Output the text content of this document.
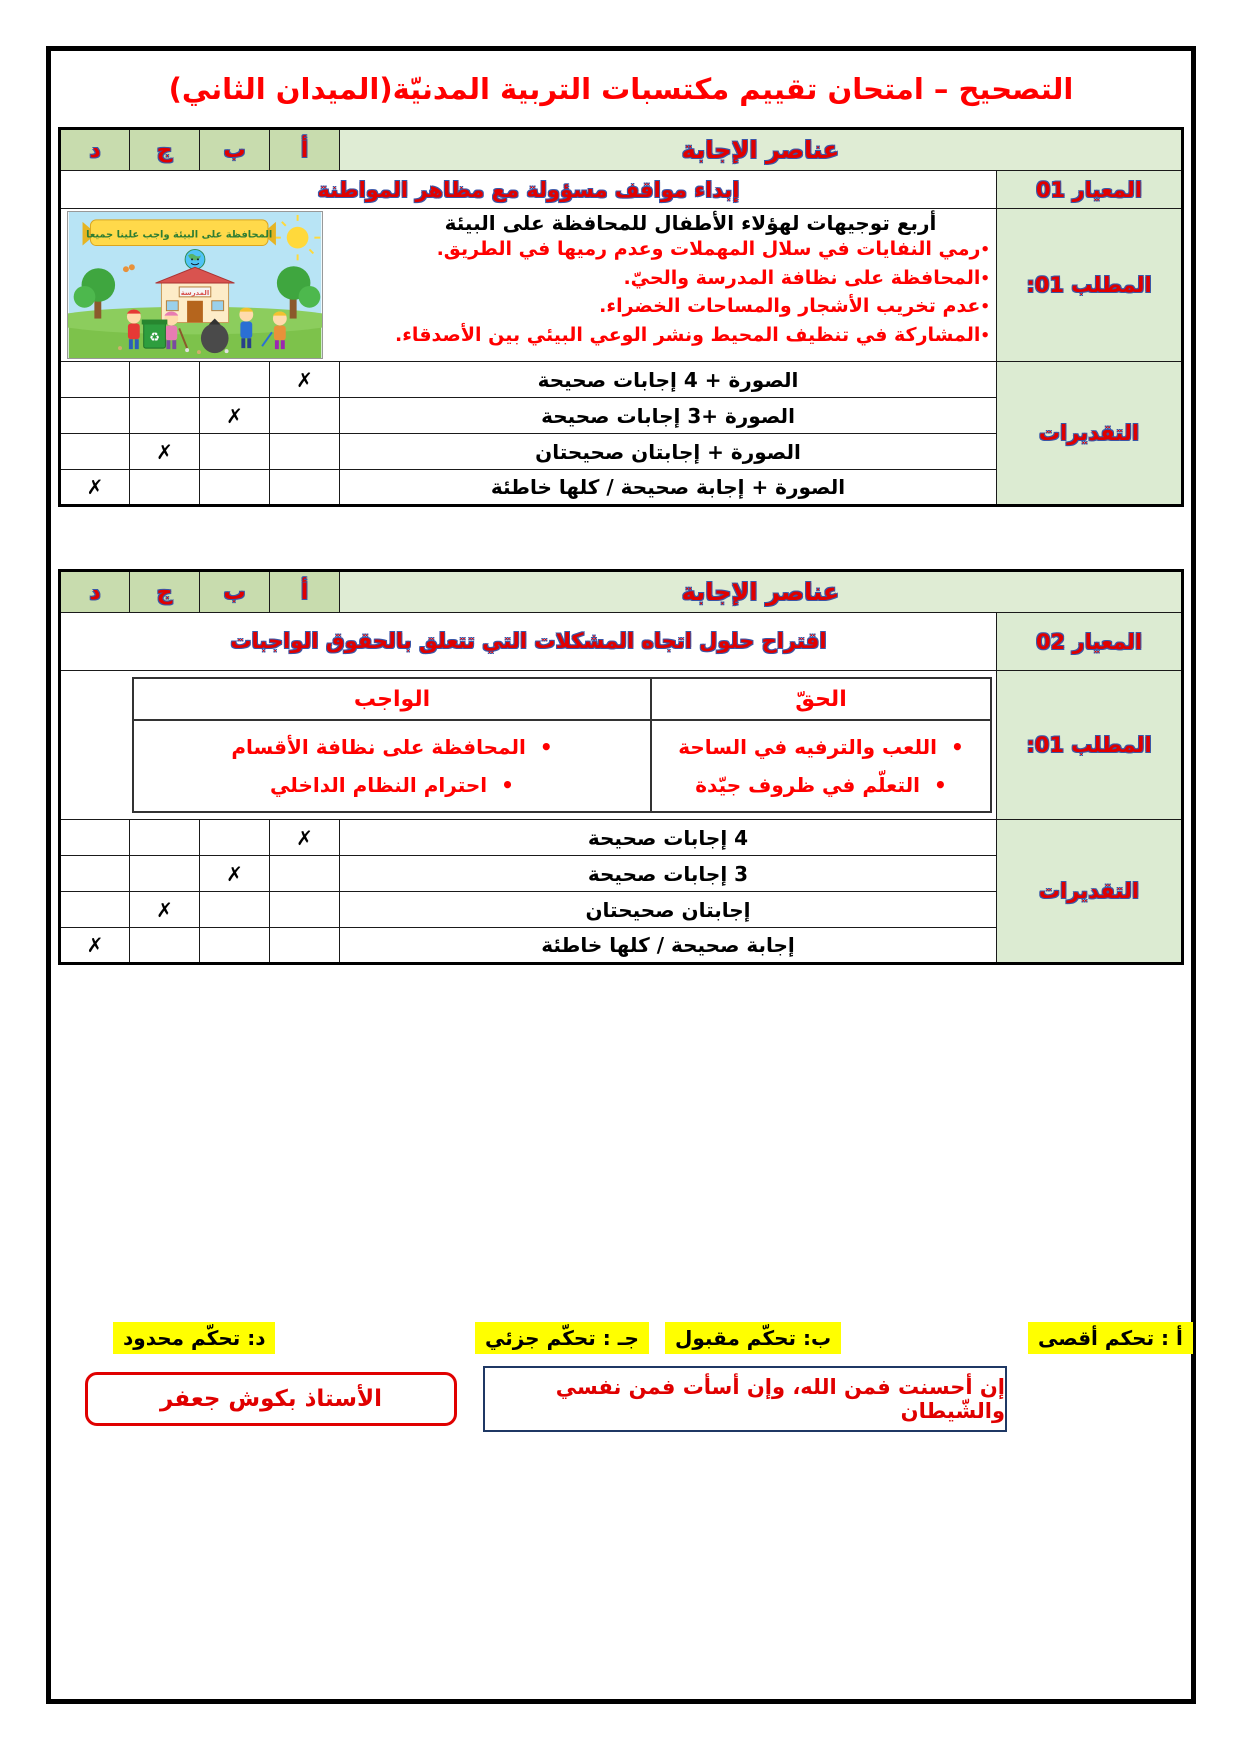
التصحيح – امتحان تقييم مكتسبات التربية المدنيّة(الميدان الثاني)
عناصر الإجابة		أ	ب	ج	د
المعيار 01	إبداء مواقف مسؤولة مع مظاهر المواطنة				
المطلب 01:	
أربع توجيهات لهؤلاء الأطفال للمحافظة على البيئة
•رمي النفايات في سلال المهملات وعدم رميها في الطريق.
•المحافظة على نظافة المدرسة والحيّ.
•عدم تخريب الأشجار والمساحات الخضراء.
•المشاركة في تنظيف المحيط ونشر الوعي البيئي بين الأصدقاء.
المحافظة على البيئة واجب علينا جميعا
المدرسة
♻

التقديرات	الصورة + 4 إجابات صحيحة	✗			
	الصورة +3 إجابات صحيحة		✗		
	الصورة + إجابتان صحيحتان			✗	
	الصورة + إجابة صحيحة / كلها خاطئة				✗
عناصر الإجابة	أ	ب	ج	د
المعيار 02	اقتراح حلول اتجاه المشكلات التي تتعلق بالحقوق الواجبات
المطلب 01:	
الحقّ	الواجب

•اللعب والترفيه في الساحة
•التعلّم في ظروف جيّدة

•المحافظة على نظافة الأقسام
•احترام النظام الداخلي

التقديرات	4 إجابات صحيحة	✗			
3 إجابات صحيحة		✗		
إجابتان صحيحتان			✗	
إجابة صحيحة / كلها خاطئة				✗
أ : تحكم أقصى
ب: تحكّم مقبول
جـ : تحكّم جزئي
د: تحكّم محدود
إن أحسنت فمن الله، وإن أسأت فمن نفسي والشّيطان
الأستاذ بكوش جعفر
